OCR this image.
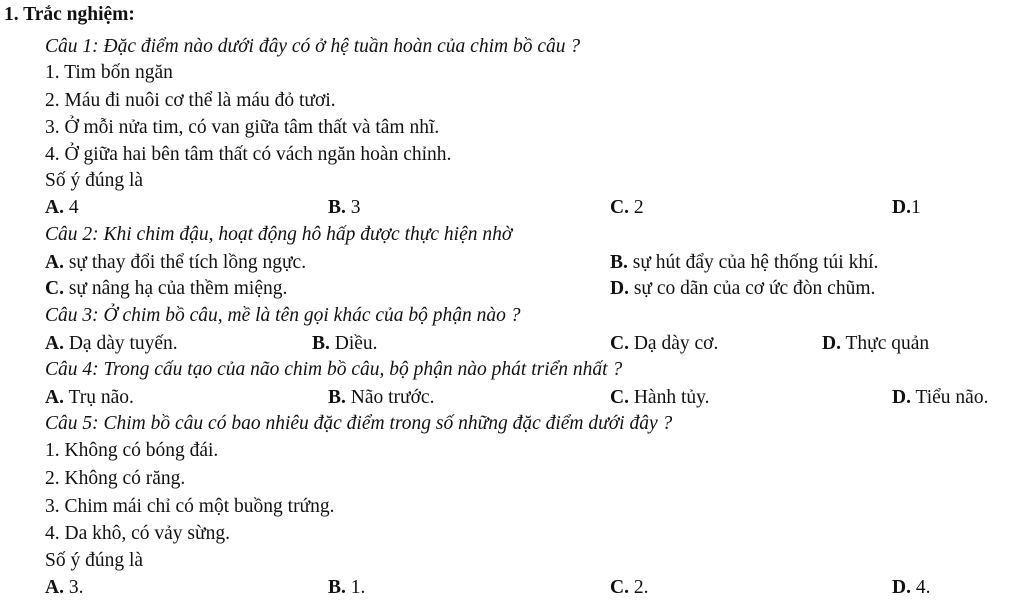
1. Trắc nghiệm:
Câu 1: Đặc điểm nào dưới đây có ở hệ tuần hoàn của chim bồ câu ?
1. Tim bốn ngăn
2. Máu đi nuôi cơ thể là máu đỏ tươi.
3. Ở mỗi nửa tim, có van giữa tâm thất và tâm nhĩ.
4. Ở giữa hai bên tâm thất có vách ngăn hoàn chỉnh.
Số ý đúng là
A. 4	B. 3	C. 2	D.1
Câu 2: Khi chim đậu, hoạt động hô hấp được thực hiện nhờ
A. sự thay đổi thể tích lồng ngực.	B. sự hút đẩy của hệ thống túi khí.
C. sự nâng hạ của thềm miệng.	D. sự co dãn của cơ ức đòn chũm.
Câu 3: Ở chim bồ câu, mề là tên gọi khác của bộ phận nào ?
A. Dạ dày tuyến.	B. Diều.	C. Dạ dày cơ.	D. Thực quản
Câu 4: Trong cấu tạo của não chim bồ câu, bộ phận nào phát triển nhất ?
A. Trụ não.	B. Não trước.	C. Hành tủy.	D. Tiểu não.
Câu 5: Chim bồ câu có bao nhiêu đặc điểm trong số những đặc điểm dưới đây ?
1. Không có bóng đái.
2. Không có răng.
3. Chim mái chỉ có một buồng trứng.
4. Da khô, có vảy sừng.
Số ý đúng là
A. 3.	B. 1.	C. 2.	D. 4.
